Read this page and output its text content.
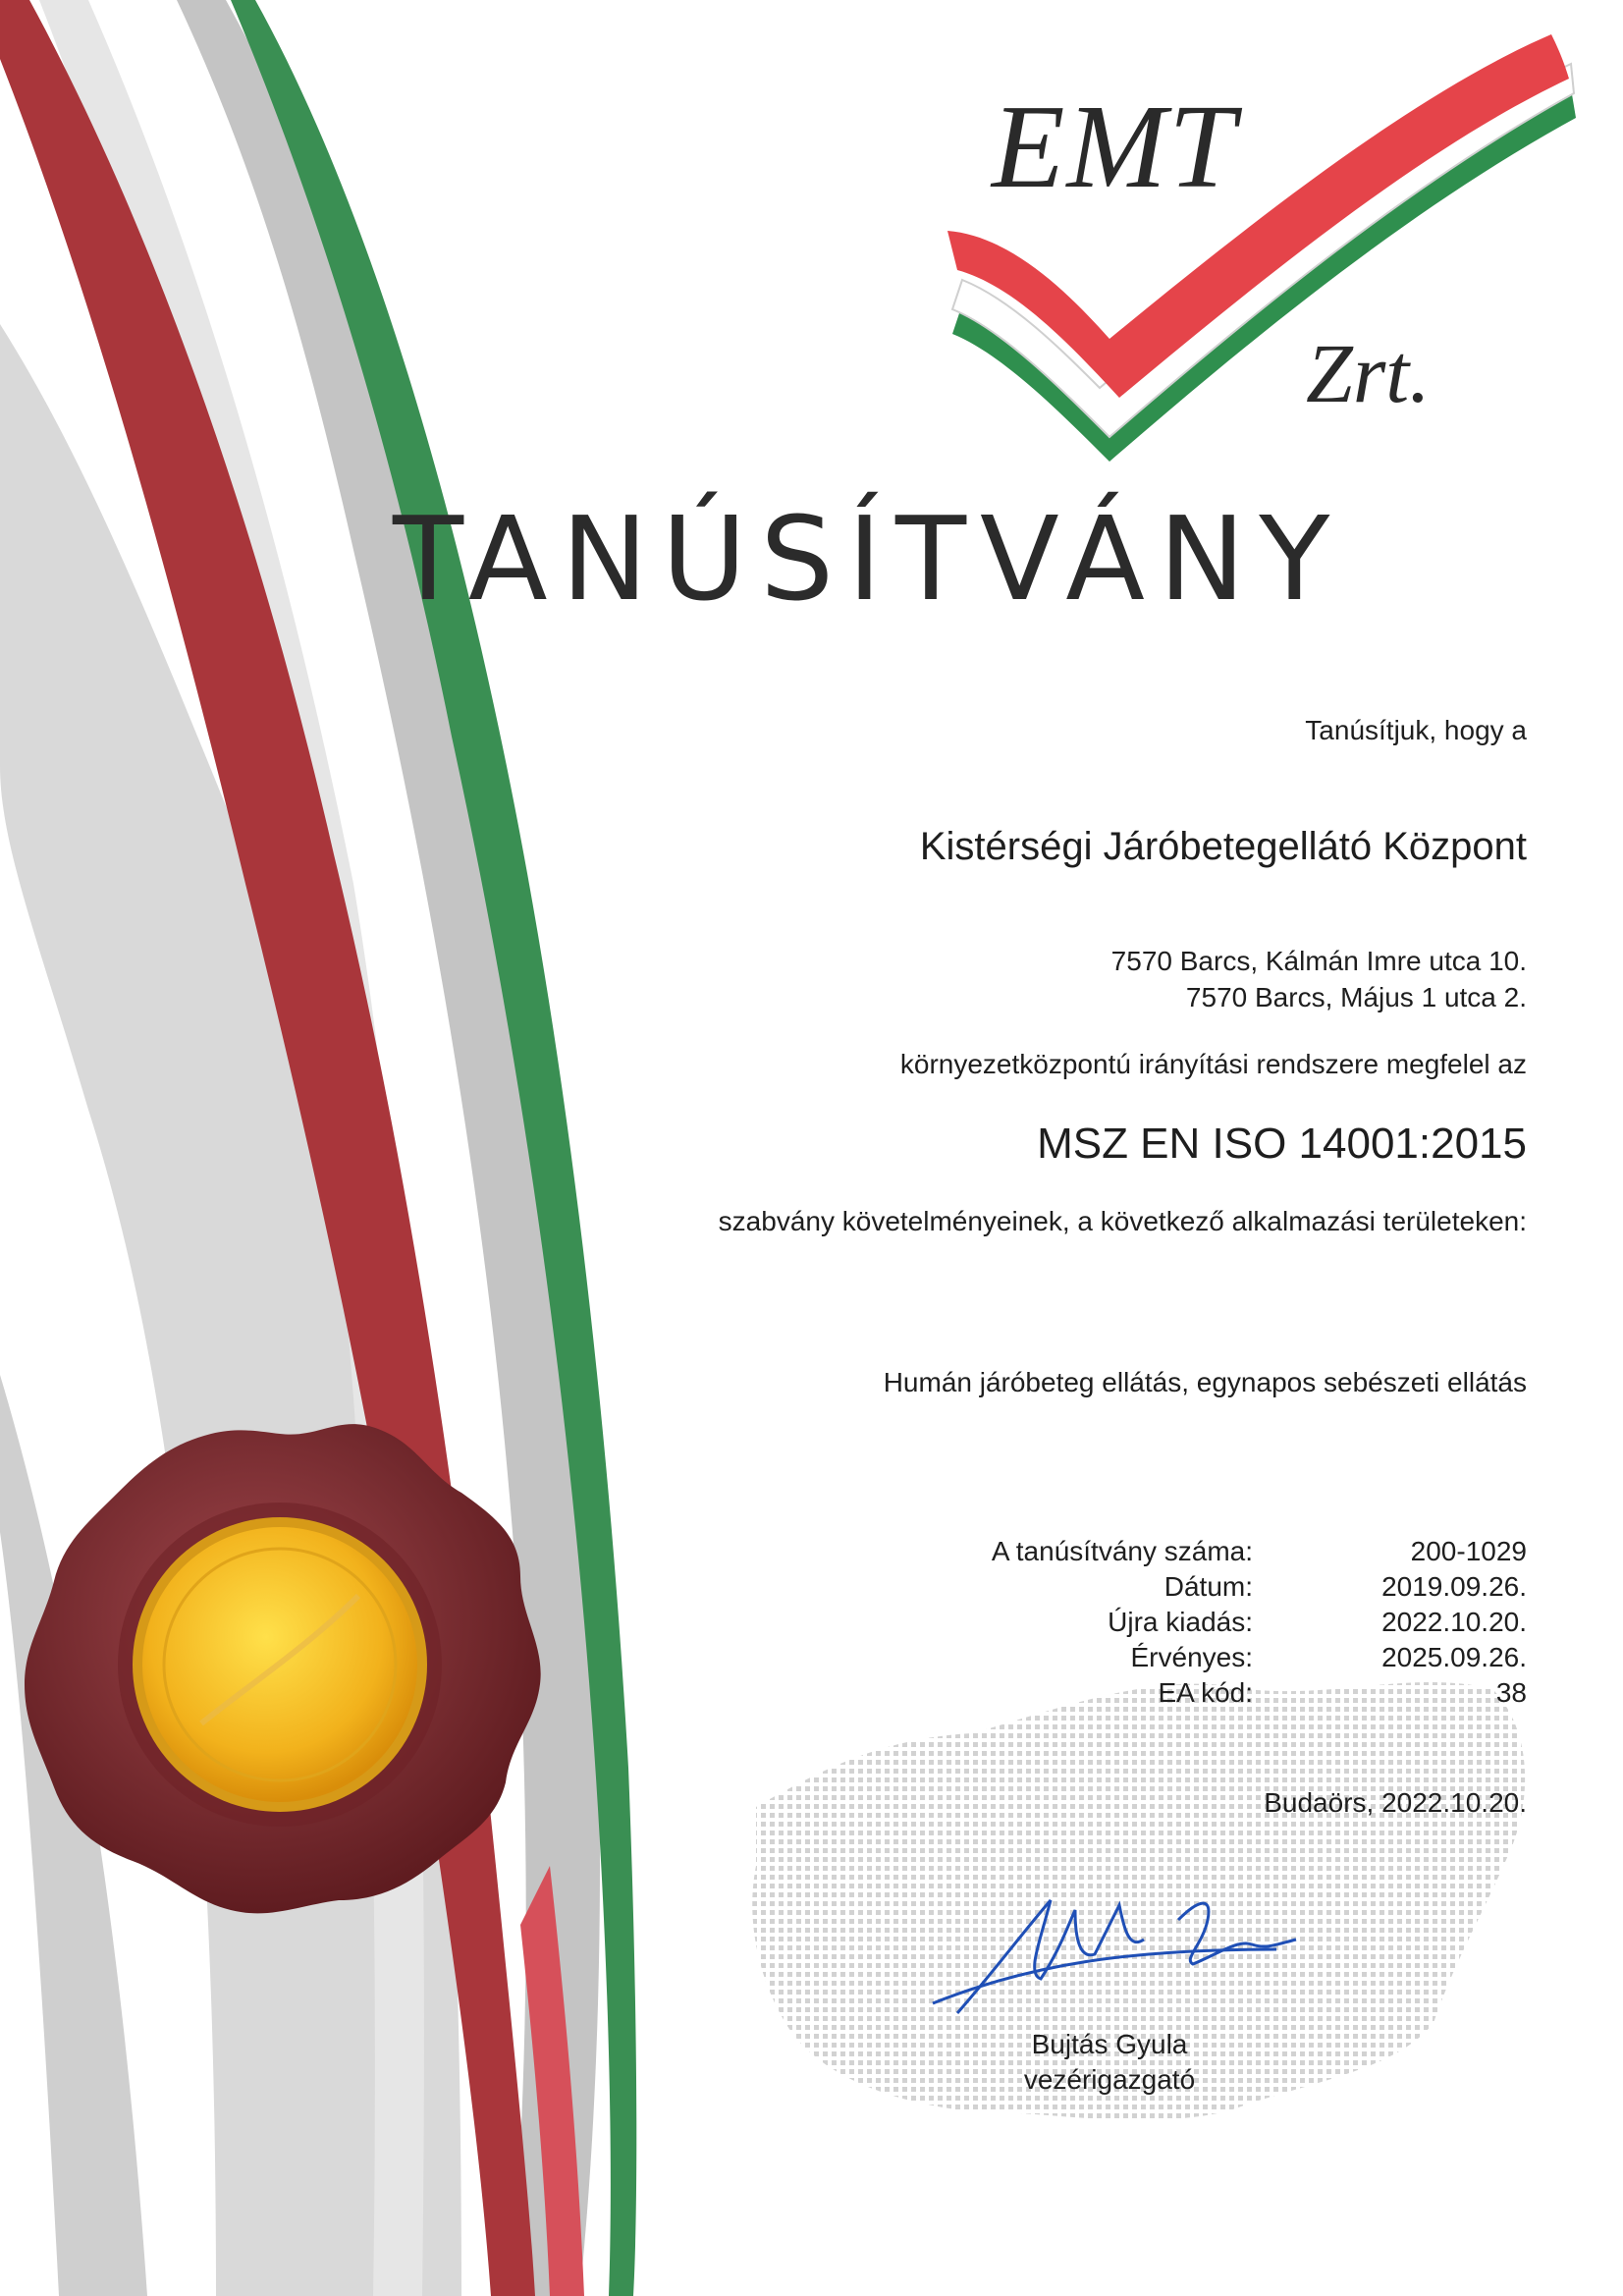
EMT
Zrt.
TANÚSÍTVÁNY
Tanúsítjuk, hogy a
Kistérségi Járóbetegellátó Központ
7570 Barcs, Kálmán Imre utca 10.
7570 Barcs, Május 1 utca 2.
környezetközpontú irányítási rendszere megfelel az
MSZ EN ISO 14001:2015
szabvány követelményeinek, a következő alkalmazási területeken:
Humán járóbeteg ellátás, egynapos sebészeti ellátás
A tanúsítvány száma:	200-1029
Dátum:	2019.09.26.
Újra kiadás:	2022.10.20.
Érvényes:	2025.09.26.
EA kód:	38
Budaörs, 2022.10.20.
Bujtás Gyula
vezérigazgató
